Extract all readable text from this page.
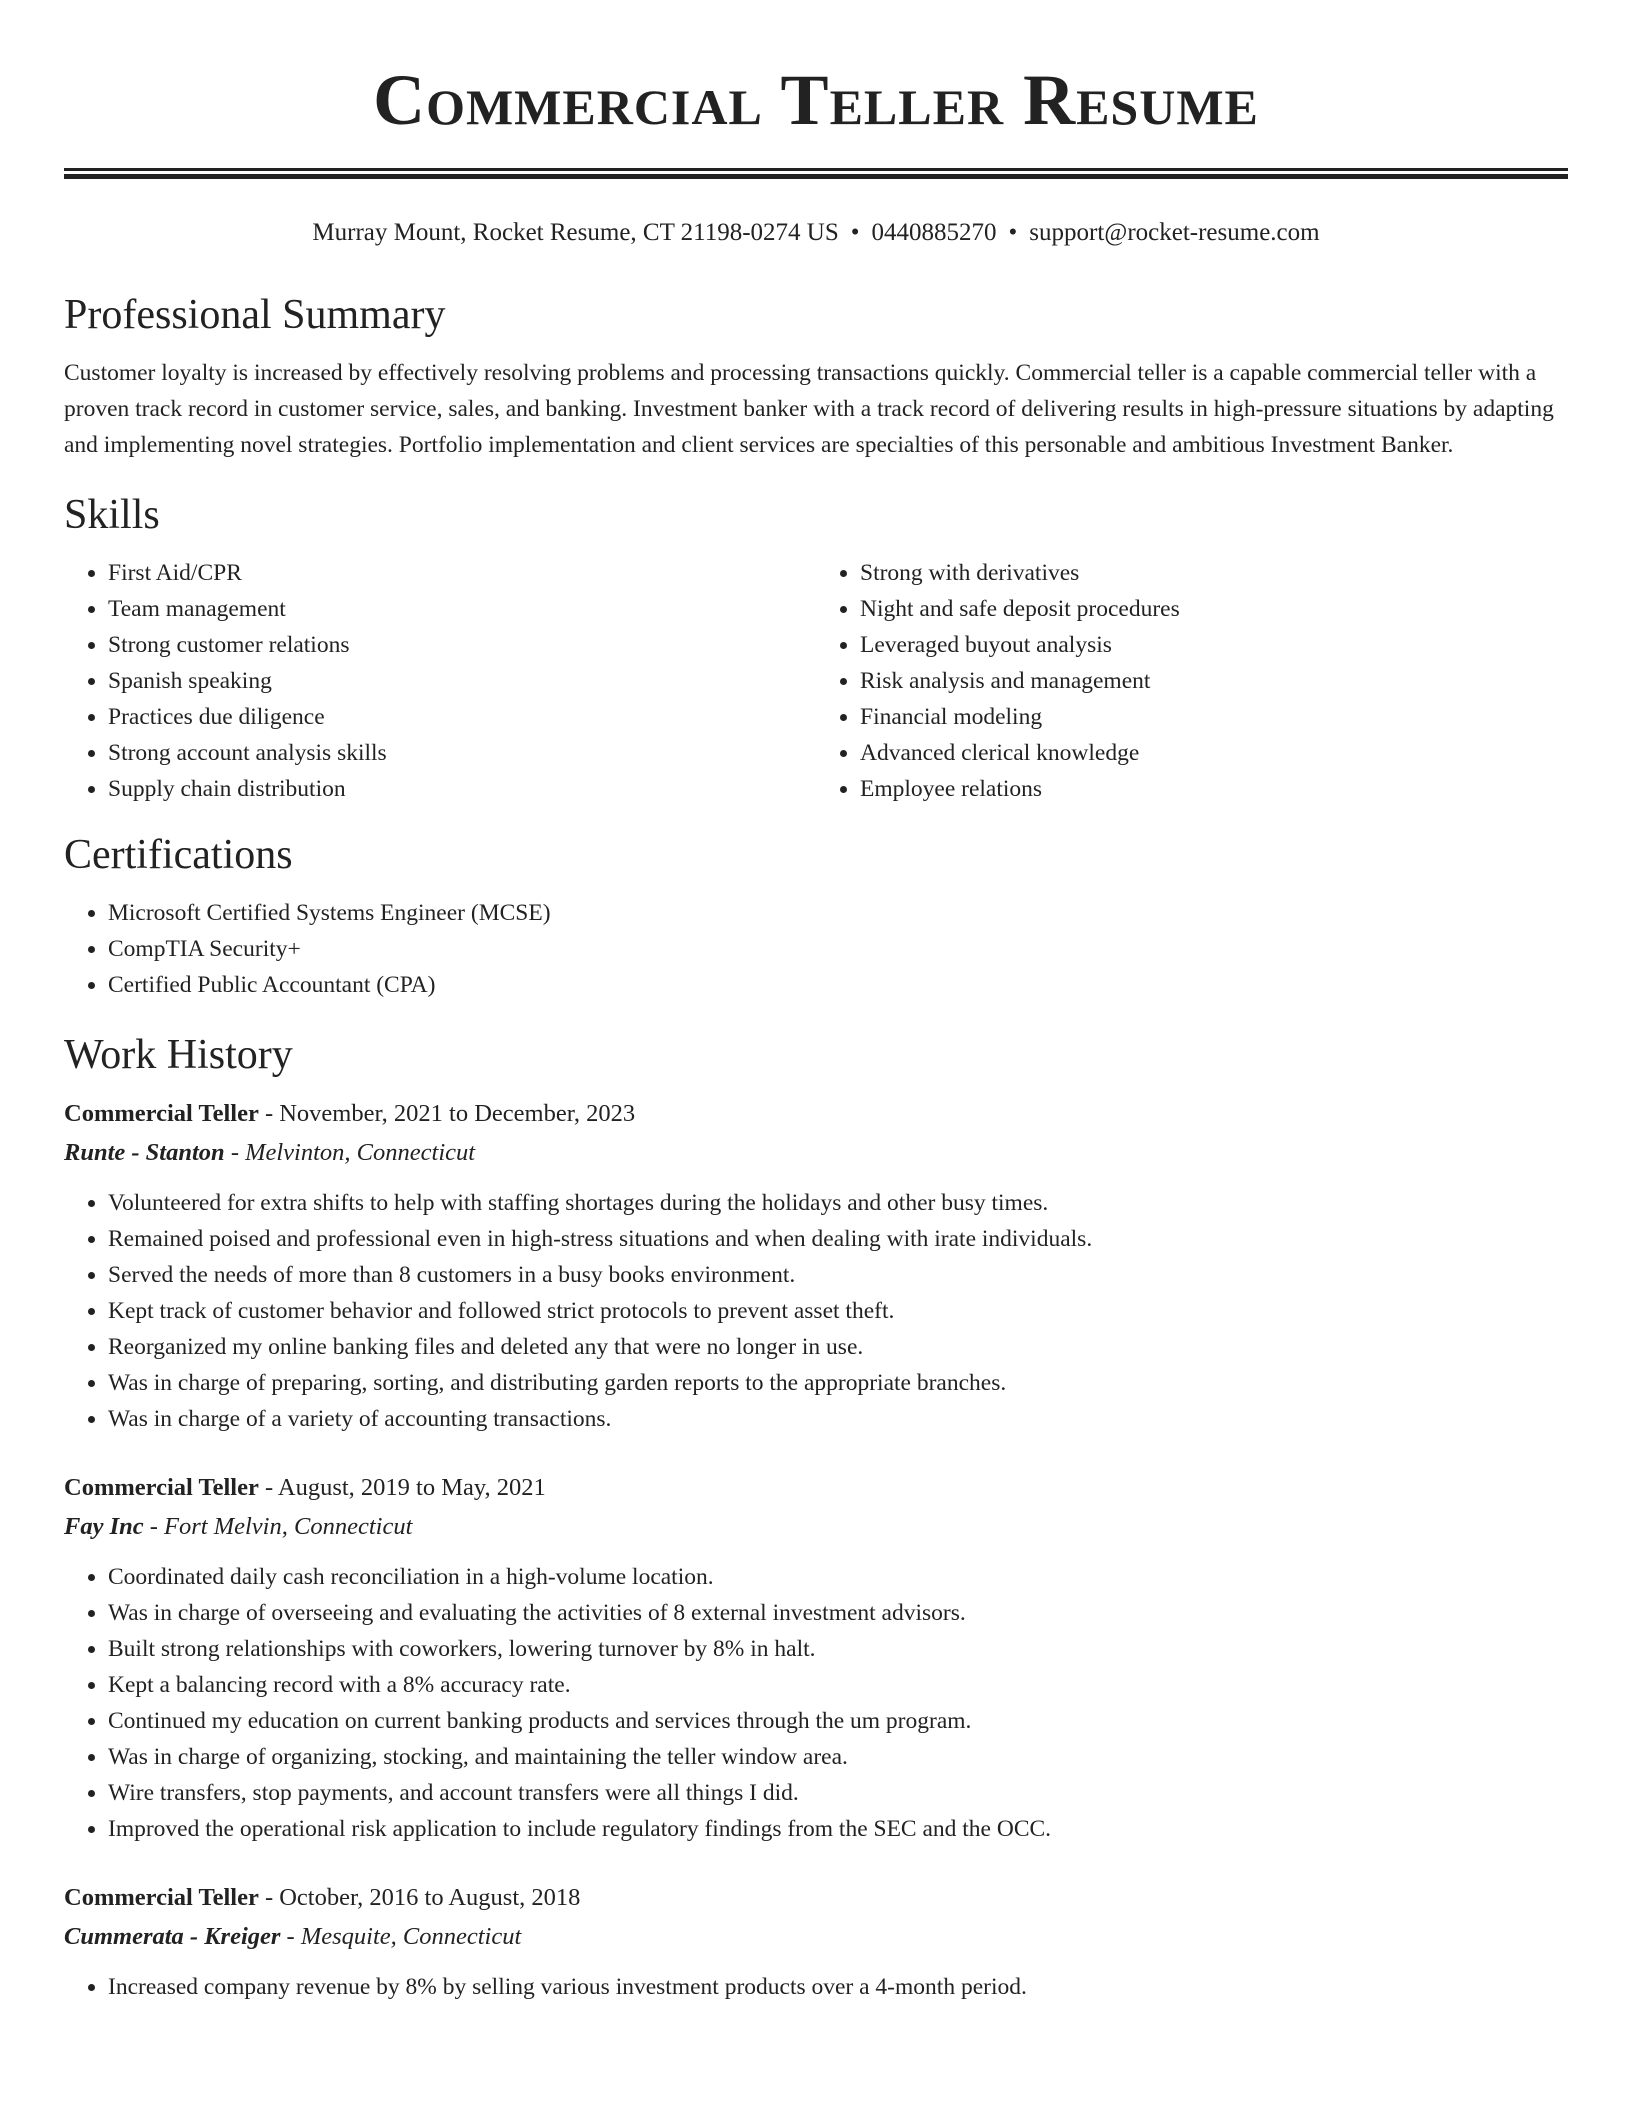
Commercial Teller Resume
Murray Mount, Rocket Resume, CT 21198-0274 US • 0440885270 • support@rocket-resume.com
Professional Summary

Customer loyalty is increased by effectively resolving problems and processing transactions quickly. Commercial teller is a capable commercial teller with a proven track record in customer service, sales, and banking. Investment banker with a track record of delivering results in high-pressure situations by adapting and implementing novel strategies. Portfolio implementation and client services are specialties of this personable and ambitious Investment Banker.

Skills
• First Aid/CPR
• Team management
• Strong customer relations
• Spanish speaking
• Practices due diligence
• Strong account analysis skills
• Supply chain distribution
• Strong with derivatives
• Night and safe deposit procedures
• Leveraged buyout analysis
• Risk analysis and management
• Financial modeling
• Advanced clerical knowledge
• Employee relations
Certifications
• Microsoft Certified Systems Engineer (MCSE)
• CompTIA Security+
• Certified Public Accountant (CPA)
Work History
Commercial Teller - November, 2021 to December, 2023
Runte - Stanton - Melvinton, Connecticut
• Volunteered for extra shifts to help with staffing shortages during the holidays and other busy times.
• Remained poised and professional even in high-stress situations and when dealing with irate individuals.
• Served the needs of more than 8 customers in a busy books environment.
• Kept track of customer behavior and followed strict protocols to prevent asset theft.
• Reorganized my online banking files and deleted any that were no longer in use.
• Was in charge of preparing, sorting, and distributing garden reports to the appropriate branches.
• Was in charge of a variety of accounting transactions.
Commercial Teller - August, 2019 to May, 2021
Fay Inc - Fort Melvin, Connecticut
• Coordinated daily cash reconciliation in a high-volume location.
• Was in charge of overseeing and evaluating the activities of 8 external investment advisors.
• Built strong relationships with coworkers, lowering turnover by 8% in halt.
• Kept a balancing record with a 8% accuracy rate.
• Continued my education on current banking products and services through the um program.
• Was in charge of organizing, stocking, and maintaining the teller window area.
• Wire transfers, stop payments, and account transfers were all things I did.
• Improved the operational risk application to include regulatory findings from the SEC and the OCC.
Commercial Teller - October, 2016 to August, 2018
Cummerata - Kreiger - Mesquite, Connecticut
• Increased company revenue by 8% by selling various investment products over a 4-month period.
